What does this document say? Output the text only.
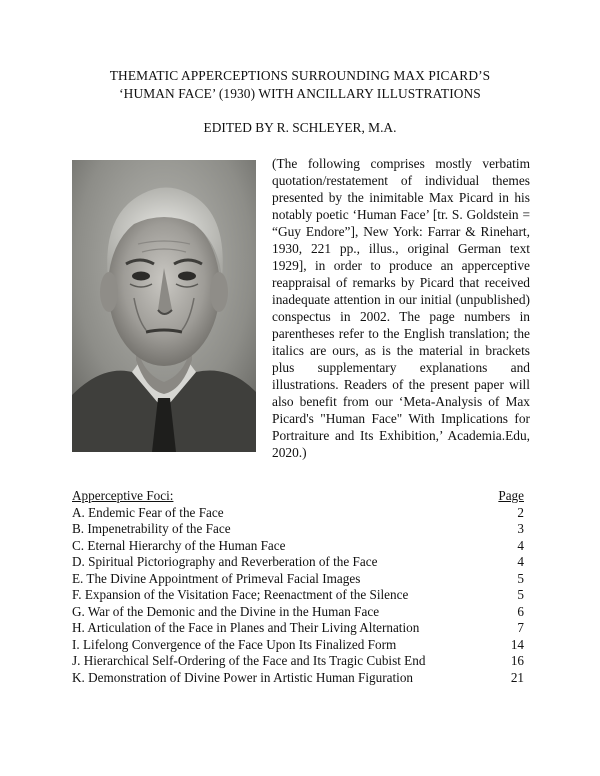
THEMATIC APPERCEPTIONS SURROUNDING MAX PICARD’S
‘HUMAN FACE’ (1930) WITH ANCILLARY ILLUSTRATIONS
EDITED BY R. SCHLEYER, M.A.

(The following comprises mostly verbatim quotation/restatement of individual themes presented by the inimitable Max Picard in his notably poetic ‘Human Face’ [tr. S. Goldstein = “Guy Endore”], New York: Farrar & Rinehart, 1930, 221 pp., illus., original German text 1929], in order to produce an apperceptive reappraisal of remarks by Picard that received inadequate attention in our initial (unpublished) conspectus in 2002. The page numbers in parentheses refer to the English translation; the italics are ours, as is the material in brackets plus supplementary explanations and illustrations. Readers of the present paper will also benefit from our ‘Meta-Analysis of Max Picard's "Human Face" With Implications for Portraiture and Its Exhibition,’ Academia.Edu, 2020.)

Apperceptive Foci:	Page
A. Endemic Fear of the Face	2
B. Impenetrability of the Face	3
C. Eternal Hierarchy of the Human Face	4
D. Spiritual Pictoriography and Reverberation of the Face	4
E. The Divine Appointment of Primeval Facial Images	5
F. Expansion of the Visitation Face; Reenactment of the Silence	5
G. War of the Demonic and the Divine in the Human Face	6
H. Articulation of the Face in Planes and Their Living Alternation	7
I. Lifelong Convergence of the Face Upon Its Finalized Form	14
J. Hierarchical Self-Ordering of the Face and Its Tragic Cubist End	16
K. Demonstration of Divine Power in Artistic Human Figuration	21
